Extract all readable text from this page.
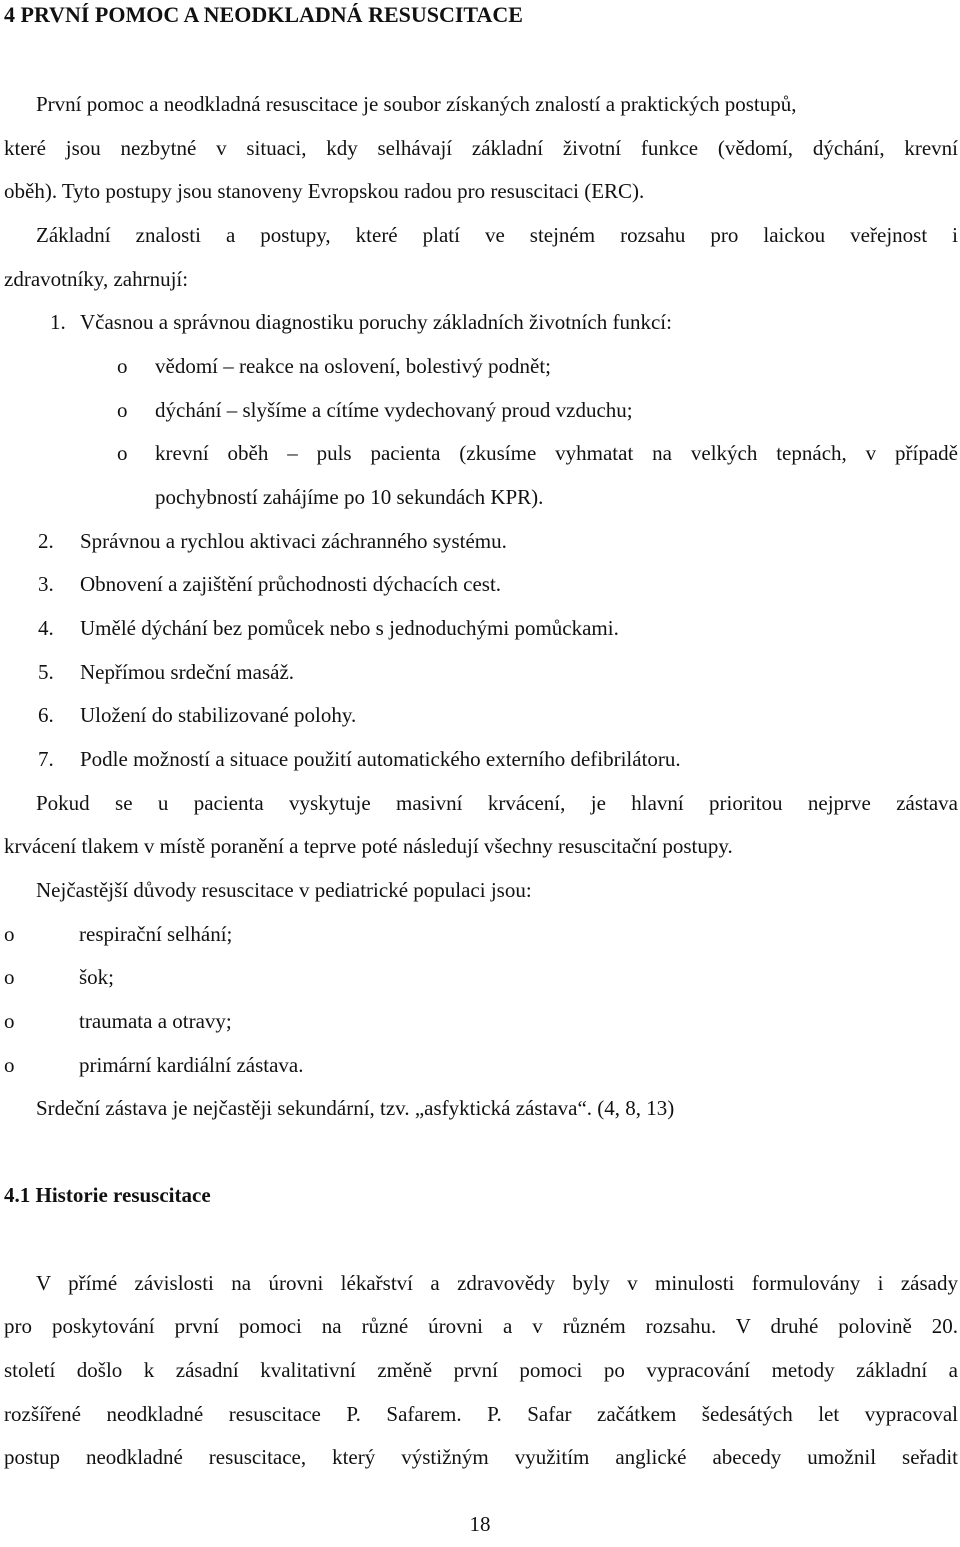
4 PRVNÍ POMOC A NEODKLADNÁ RESUSCITACE
První pomoc a neodkladná resuscitace je soubor získaných znalostí a praktických postupů,
které jsou nezbytné v situaci, kdy selhávají základní životní funkce (vědomí, dýchání, krevní
oběh). Tyto postupy jsou stanoveny Evropskou radou pro resuscitaci (ERC).
Základní znalosti a postupy, které platí ve stejném rozsahu pro laickou veřejnost i
zdravotníky, zahrnují:
1. Včasnou a správnou diagnostiku poruchy základních životních funkcí:
o vědomí – reakce na oslovení, bolestivý podnět;
o dýchání – slyšíme a cítíme vydechovaný proud vzduchu;
o krevní oběh – puls pacienta (zkusíme vyhmatat na velkých tepnách, v případě
pochybností zahájíme po 10 sekundách KPR).
2. Správnou a rychlou aktivaci záchranného systému.
3. Obnovení a zajištění průchodnosti dýchacích cest.
4. Umělé dýchání bez pomůcek nebo s jednoduchými pomůckami.
5. Nepřímou srdeční masáž.
6. Uložení do stabilizované polohy.
7. Podle možností a situace použití automatického externího defibrilátoru.
Pokud se u pacienta vyskytuje masivní krvácení, je hlavní prioritou nejprve zástava
krvácení tlakem v místě poranění a teprve poté následují všechny resuscitační postupy.
Nejčastější důvody resuscitace v pediatrické populaci jsou:
o	respirační selhání;
o	šok;
o	traumata a otravy;
o	primární kardiální zástava.
Srdeční zástava je nejčastěji sekundární, tzv. „asfyktická zástava“. (4, 8, 13)
4.1 Historie resuscitace
V přímé závislosti na úrovni lékařství a zdravovědy byly v minulosti formulovány i zásady
pro poskytování první pomoci na různé úrovni a v různém rozsahu. V druhé polovině 20.
století došlo k zásadní kvalitativní změně první pomoci po vypracování metody základní a
rozšířené neodkladné resuscitace P. Safarem. P. Safar začátkem šedesátých let vypracoval
postup neodkladné resuscitace, který výstižným využitím anglické abecedy umožnil seřadit
18
